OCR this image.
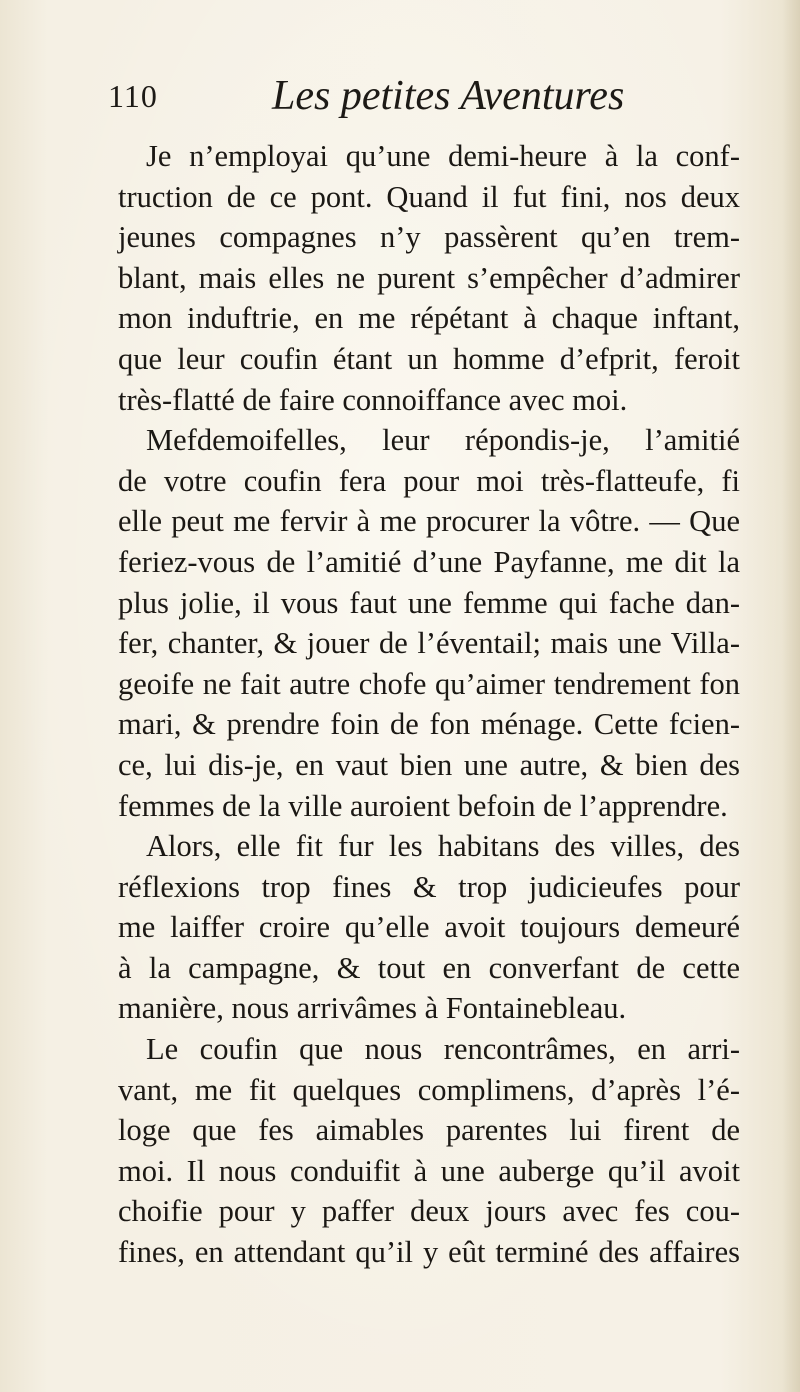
110	Les petites Aventures
Je n’employai qu’une demi-heure à la conf-
truction de ce pont. Quand il fut fini, nos deux
jeunes compagnes n’y passèrent qu’en trem-
blant, mais elles ne purent s’empêcher d’admirer
mon induftrie, en me répétant à chaque inftant,
que leur coufin étant un homme d’efprit, feroit
très-flatté de faire connoiffance avec moi.
Mefdemoifelles, leur répondis-je, l’amitié
de votre coufin fera pour moi très-flatteufe, fi
elle peut me fervir à me procurer la vôtre. — Que
feriez-vous de l’amitié d’une Payfanne, me dit la
plus jolie, il vous faut une femme qui fache dan-
fer, chanter, & jouer de l’éventail; mais une Villa-
geoife ne fait autre chofe qu’aimer tendrement fon
mari, & prendre foin de fon ménage. Cette fcien-
ce, lui dis-je, en vaut bien une autre, & bien des
femmes de la ville auroient befoin de l’apprendre.
Alors, elle fit fur les habitans des villes, des
réflexions trop fines & trop judicieufes pour
me laiffer croire qu’elle avoit toujours demeuré
à la campagne, & tout en converfant de cette
manière, nous arrivâmes à Fontainebleau.
Le coufin que nous rencontrâmes, en arri-
vant, me fit quelques complimens, d’après l’é-
loge que fes aimables parentes lui firent de
moi. Il nous conduifit à une auberge qu’il avoit
choifie pour y paffer deux jours avec fes cou-
fines, en attendant qu’il y eût terminé des affaires
